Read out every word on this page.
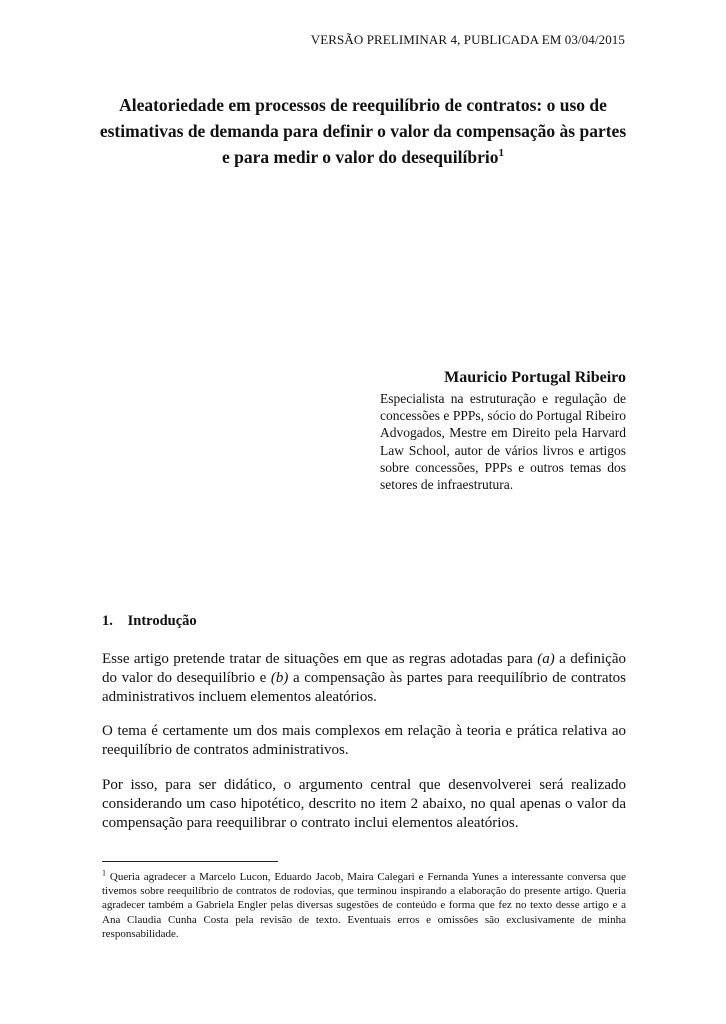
VERSÃO PRELIMINAR 4, PUBLICADA EM 03/04/2015
Aleatoriedade em processos de reequilíbrio de contratos: o uso de estimativas de demanda para definir o valor da compensação às partes e para medir o valor do desequilíbrio$^1$
Mauricio Portugal Ribeiro
Especialista na estruturação e regulação de concessões e PPPs, sócio do Portugal Ribeiro Advogados, Mestre em Direito pela Harvard Law School, autor de vários livros e artigos sobre concessões, PPPs e outros temas dos setores de infraestrutura.
1. Introdução

Esse artigo pretende tratar de situações em que as regras adotadas para (a) a definição do valor do desequilíbrio e (b) a compensação às partes para reequilíbrio de contratos administrativos incluem elementos aleatórios.

O tema é certamente um dos mais complexos em relação à teoria e prática relativa ao reequilíbrio de contratos administrativos.

Por isso, para ser didático, o argumento central que desenvolverei será realizado considerando um caso hipotético, descrito no item 2 abaixo, no qual apenas o valor da compensação para reequilibrar o contrato inclui elementos aleatórios.

$^1$ Queria agradecer a Marcelo Lucon, Eduardo Jacob, Maira Calegari e Fernanda Yunes a interessante conversa que tivemos sobre reequilíbrio de contratos de rodovias, que terminou inspirando a elaboração do presente artigo. Queria agradecer também a Gabriela Engler pelas diversas sugestões de conteúdo e forma que fez no texto desse artigo e a Ana Claudia Cunha Costa pela revisão de texto. Eventuais erros e omissões são exclusivamente de minha responsabilidade.
